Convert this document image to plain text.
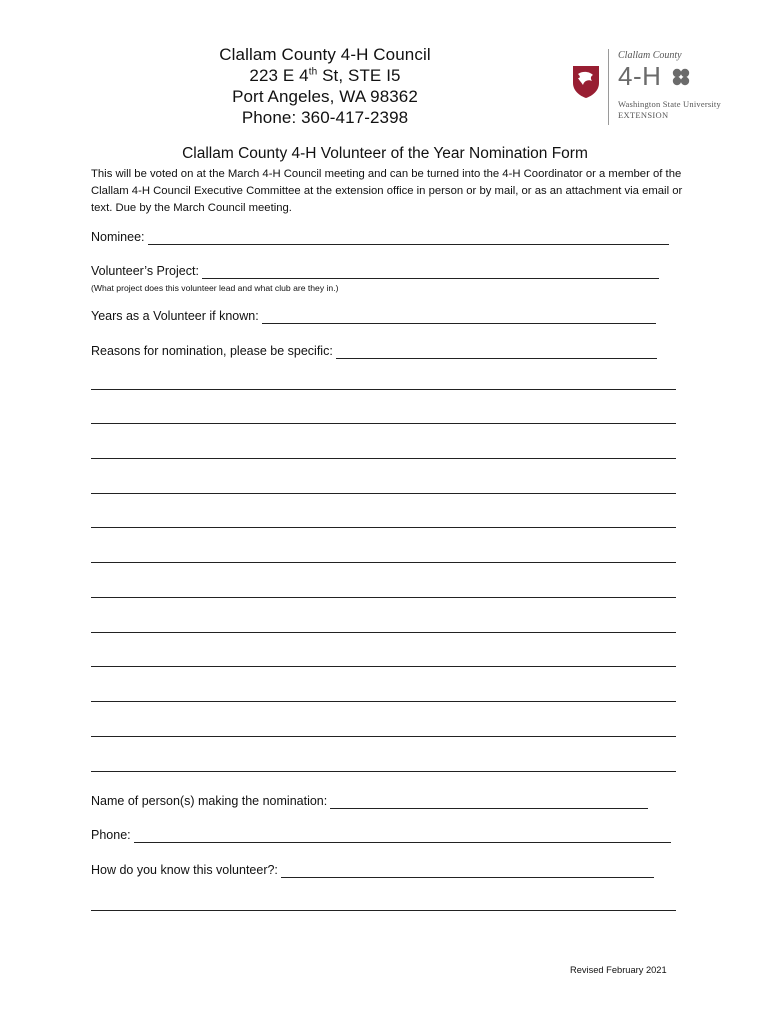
Clallam County 4-H Council
223 E 4th St, STE I5
Port Angeles, WA 98362
Phone: 360-417-2398
Clallam County
4-H
Washington State University
EXTENSION
Clallam County 4-H Volunteer of the Year Nomination Form
This will be voted on at the March 4-H Council meeting and can be turned into the 4-H Coordinator or a member of the Clallam 4-H Council Executive Committee at the extension office in person or by mail, or as an attachment via email or text. Due by the March Council meeting.
Nominee:
Volunteer’s Project:
(What project does this volunteer lead and what club are they in.)
Years as a Volunteer if known:
Reasons for nomination, please be specific:
Name of person(s) making the nomination:
Phone:
How do you know this volunteer?:
Revised February 2021
